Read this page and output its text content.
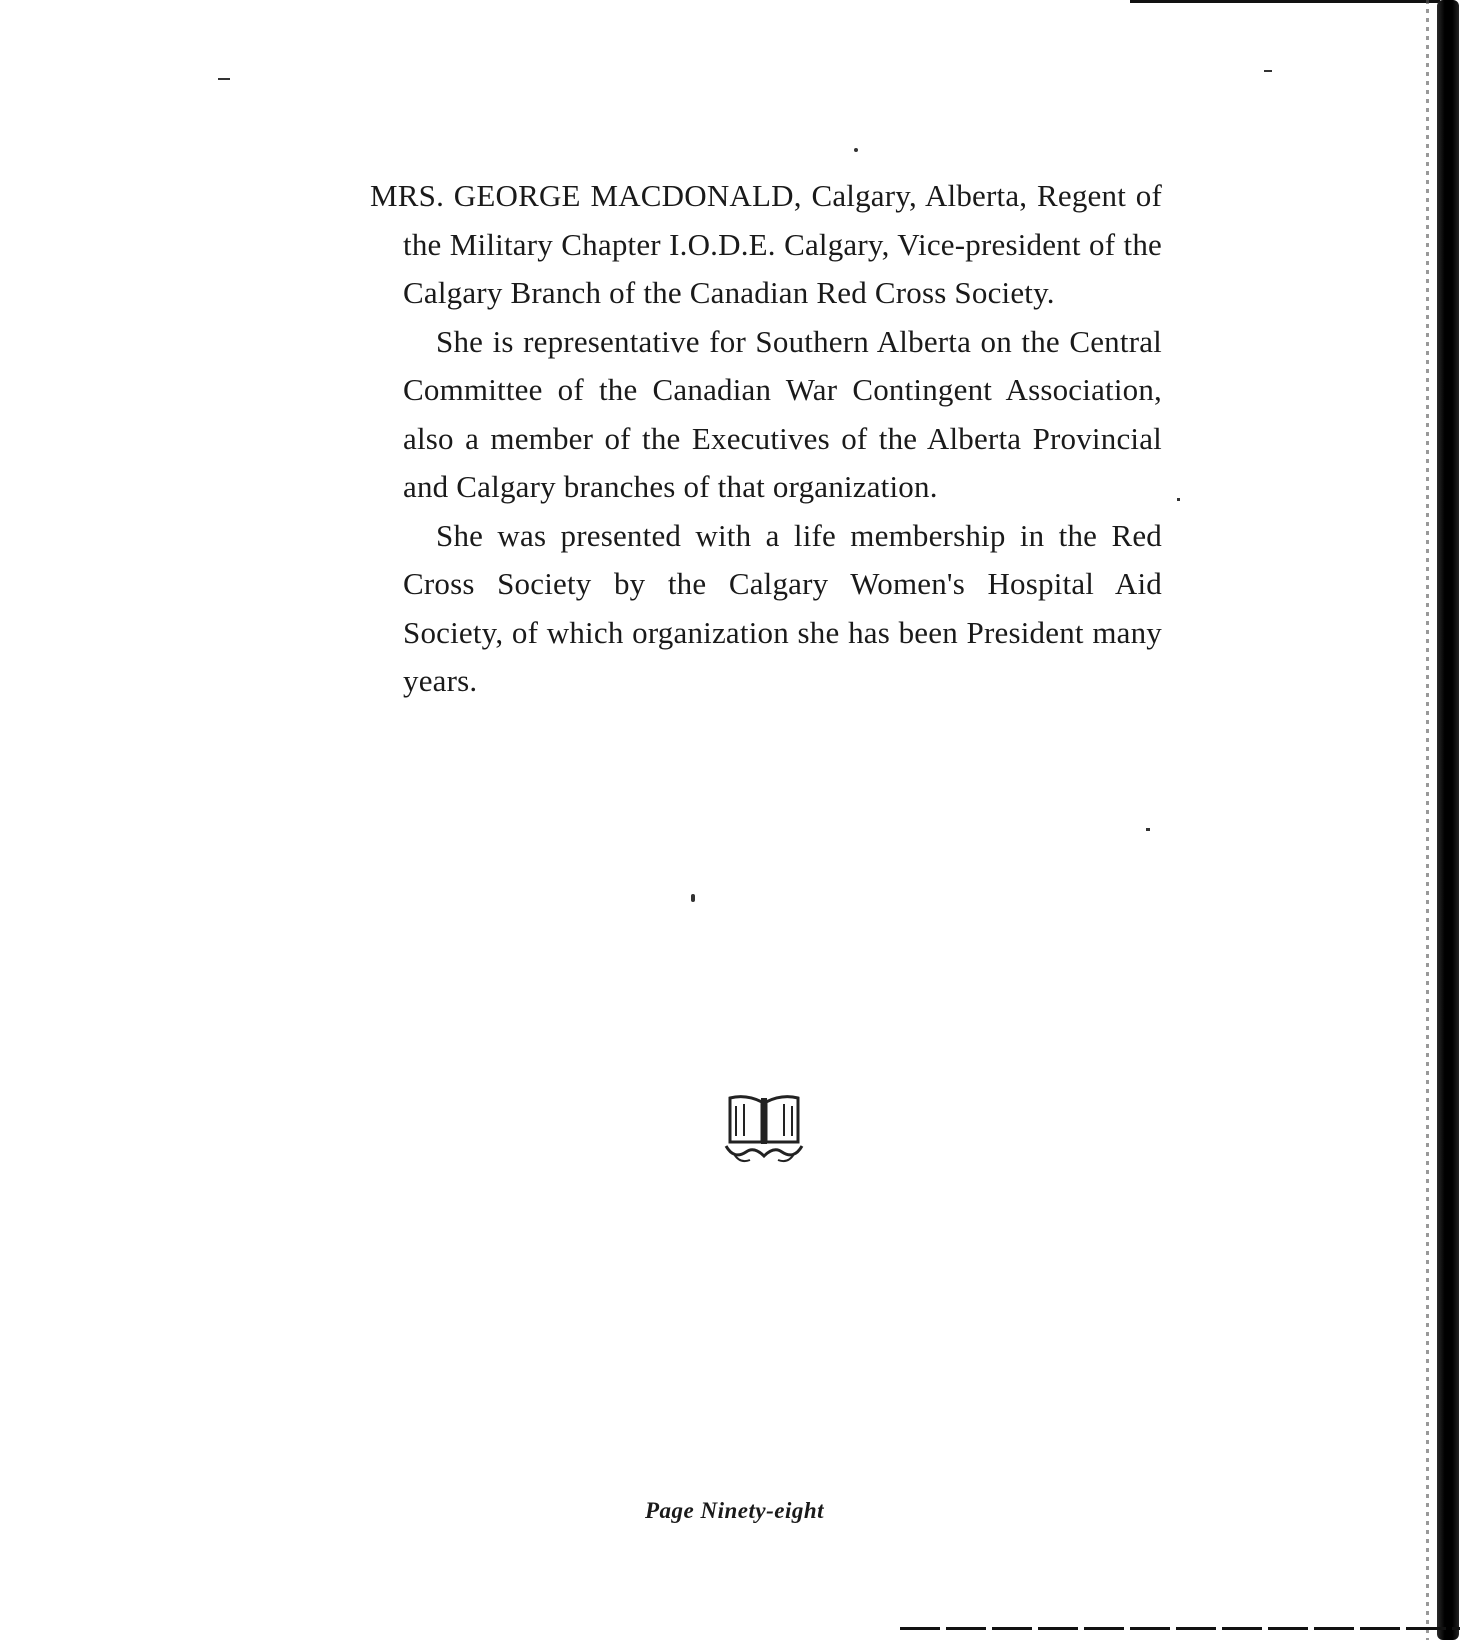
MRS. GEORGE MACDONALD, Calgary, Alberta, Regent of the Military Chapter I.O.D.E. Calgary, Vice-president of the Calgary Branch of the Canadian Red Cross Society.

She is representative for Southern Alberta on the Central Committee of the Canadian War Contingent Association, also a member of the Executives of the Alberta Provincial and Calgary branches of that organization.

She was presented with a life membership in the Red Cross Society by the Calgary Women's Hospital Aid Society, of which organization she has been President many years.

Page Ninety-eight
